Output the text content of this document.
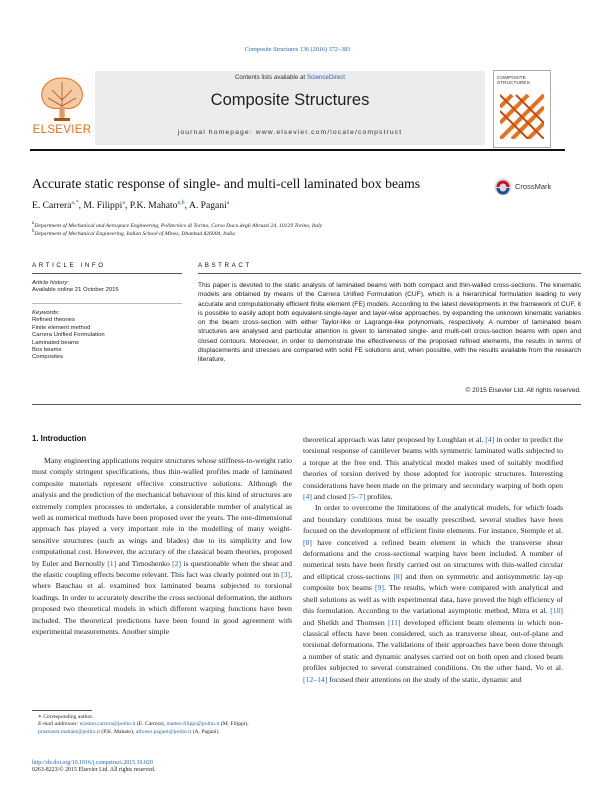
Composite Structures 136 (2016) 372–383
ELSEVIER
Contents lists available at ScienceDirect
Composite Structures
journal homepage: www.elsevier.com/locate/compstruct
COMPOSITE STRUCTURES
Accurate static response of single- and multi-cell laminated box beams	CrossMark
E. Carrera$^{a,*}$, M. Filippi$^a$, P.K. Mahato$^{a,b}$, A. Pagani$^a$
$^a$Department of Mechanical and Aerospace Engineering, Politecnico di Torino, Corso Duca degli Abruzzi 24, 10129 Torino, Italy
$^b$Department of Mechanical Engineering, Indian School of Mines, Dhanbad 826004, India
ARTICLE INFO
Article history:
Available online 21 October 2015
Keywords:
Refined theories
Finite element method
Carrera Unified Formulation
Laminated beams
Box beams
Composites
ABSTRACT
This paper is devoted to the static analysis of laminated beams with both compact and thin-walled cross-sections. The kinematic models are obtained by means of the Carrera Unified Formulation (CUF), which is a hierarchical formulation leading to very accurate and computationally efficient finite element (FE) models. According to the latest developments in the framework of CUF, it is possible to easily adopt both equivalent-single-layer and layer-wise approaches, by expanding the unknown kinematic variables on the beam cross-section with either Taylor-like or Lagrange-like polynomials, respectively. A number of laminated beam structures are analysed and particular attention is given to laminated single- and multi-cell cross-section beams with open and closed contours. Moreover, in order to demonstrate the effectiveness of the proposed refined elements, the results in terms of displacements and stresses are compared with solid FE solutions and, when possible, with the results available from the research literature.
© 2015 Elsevier Ltd. All rights reserved.
1. Introduction
Many engineering applications require structures whose stiffness-to-weight ratio must comply stringent specifications, thus thin-walled profiles made of laminated composite materials represent effective constructive solutions. Although the analysis and the prediction of the mechanical behaviour of this kind of structures are extremely complex processes to undertake, a considerable number of analytical as well as numerical methods have been proposed over the years. The one-dimensional approach has played a very important role in the modelling of many weight-sensitive structures (such as wings and blades) due to its simplicity and low computational cost. However, the accuracy of the classical beam theories, proposed by Euler and Bernoully [1] and Timoshenko [2] is questionable when the shear and the elastic coupling effects become relevant. This fact was clearly pointed out in [3], where Bauchau et al. examined box laminated beams subjected to torsional loadings. In order to accurately describe the cross sectional deformation, the authors proposed two theoretical models in which different warping functions have been included. The theoretical predictions have been found in good agreement with experimental measurements. Another simple
theoretical approach was later proposed by Loughlan et al. [4] in order to predict the torsional response of cantilever beams with symmetric laminated walls subjected to a torque at the free end. This analytical model makes used of suitably modified theories of torsion derived by those adopted for isotropic structures. Interesting considerations have been made on the primary and secondary warping of both open [4] and closed [5–7] profiles.
In order to overcome the limitations of the analytical models, for which loads and boundary conditions must be usually prescribed, several studies have been focused on the development of efficient finite elements. For instance, Stemple et al. [8] have conceived a refined beam element in which the transverse shear deformations and the cross-sectional warping have been included. A number of numerical tests have been firstly carried out on structures with thin-walled circular and elliptical cross-sections [8] and then on symmetric and antisymmetric lay-up composite box beams [9]. The results, which were compared with analytical and shell solutions as well as with experimental data, have proved the high efficiency of this formulation. According to the variational asymptotic method, Mitra et al. [10] and Sheikh and Thomsen [11] developed efficient beam elements in which non-classical effects have been considered, such as transverse shear, out-of-plane and torsional deformations. The validations of their approaches have been done through a number of static and dynamic analyses carried out on both open and closed beam profiles subjected to several constrained conditions. On the other hand, Vo et al. [12–14] focused their attentions on the study of the static, dynamic and
∗ Corresponding author.
E-mail addresses: erasmo.carrera@polito.it (E. Carrera), matteo.filippi@polito.it (M. Filippi), prashanta.mahato@polito.it (P.K. Mahato), alfonso.pagani@polito.it (A. Pagani).
http://dx.doi.org/10.1016/j.compstruct.2015.10.020
0263-8223/© 2015 Elsevier Ltd. All rights reserved.
